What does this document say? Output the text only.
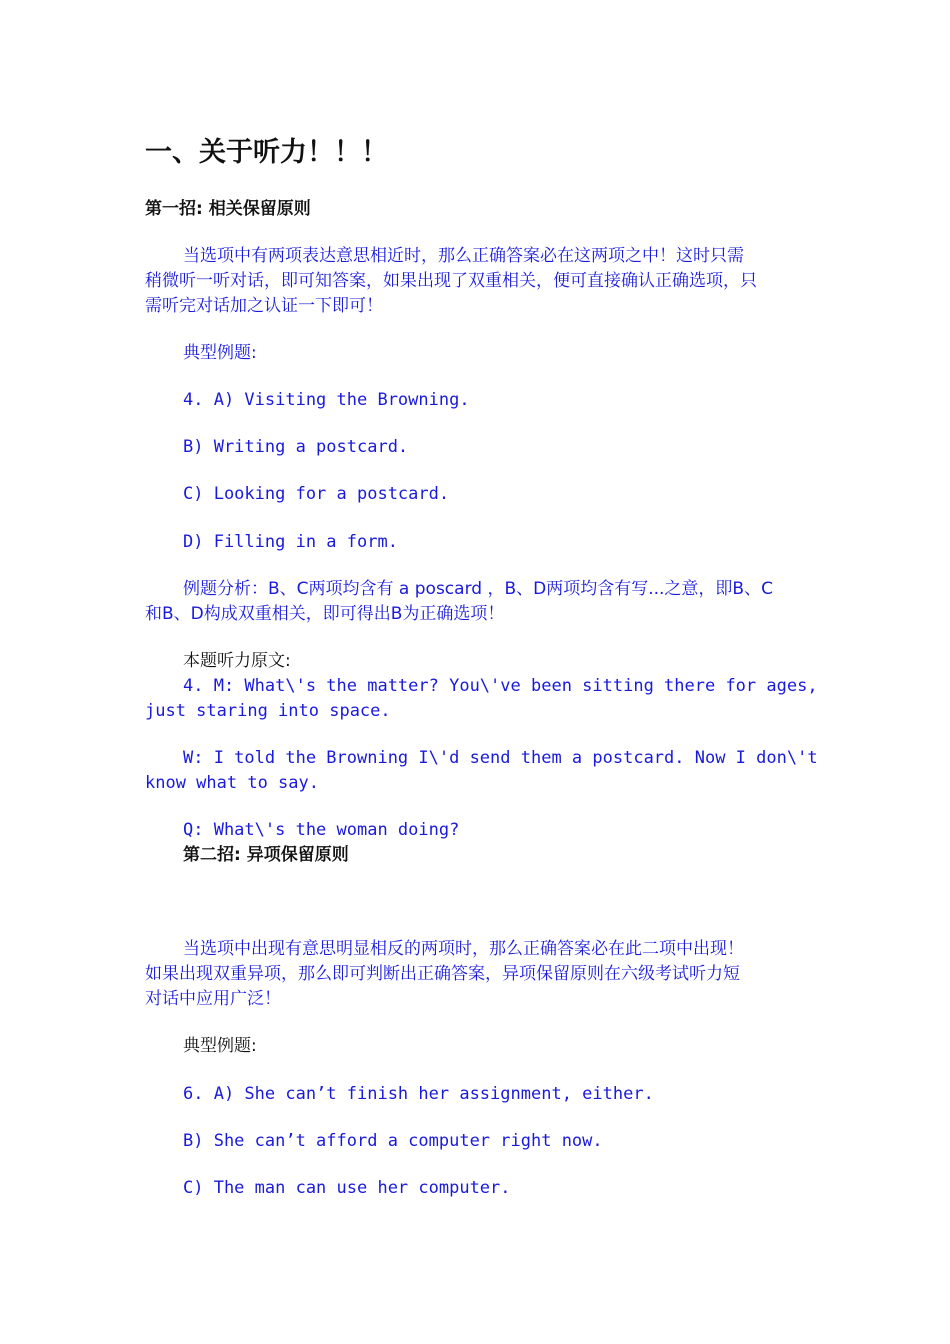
一、关于听力！！！
第一招: 相关保留原则
当选项中有两项表达意思相近时，那么正确答案必在这两项之中！这时只需
稍微听一听对话，即可知答案，如果出现了双重相关，便可直接确认正确选项，只
需听完对话加之认证一下即可！
典型例题:
4. A) Visiting the Browning.
B) Writing a postcard.
C) Looking for a postcard.
D) Filling in a form.
例题分析：B、C两项均含有 a poscard ，B、D两项均含有写...之意，即B、C
和B、D构成双重相关，即可得出B为正确选项！
本题听力原文:
4. M: What\'s the matter? You\'ve been sitting there for ages,
just staring into space.
W: I told the Browning I\'d send them a postcard. Now I don\'t
know what to say.
Q: What\'s the woman doing?
第二招: 异项保留原则
当选项中出现有意思明显相反的两项时，那么正确答案必在此二项中出现！
如果出现双重异项，那么即可判断出正确答案，异项保留原则在六级考试听力短
对话中应用广泛！
典型例题:
6. A) She can’t finish her assignment, either.
B) She can’t afford a computer right now.
C) The man can use her computer.
